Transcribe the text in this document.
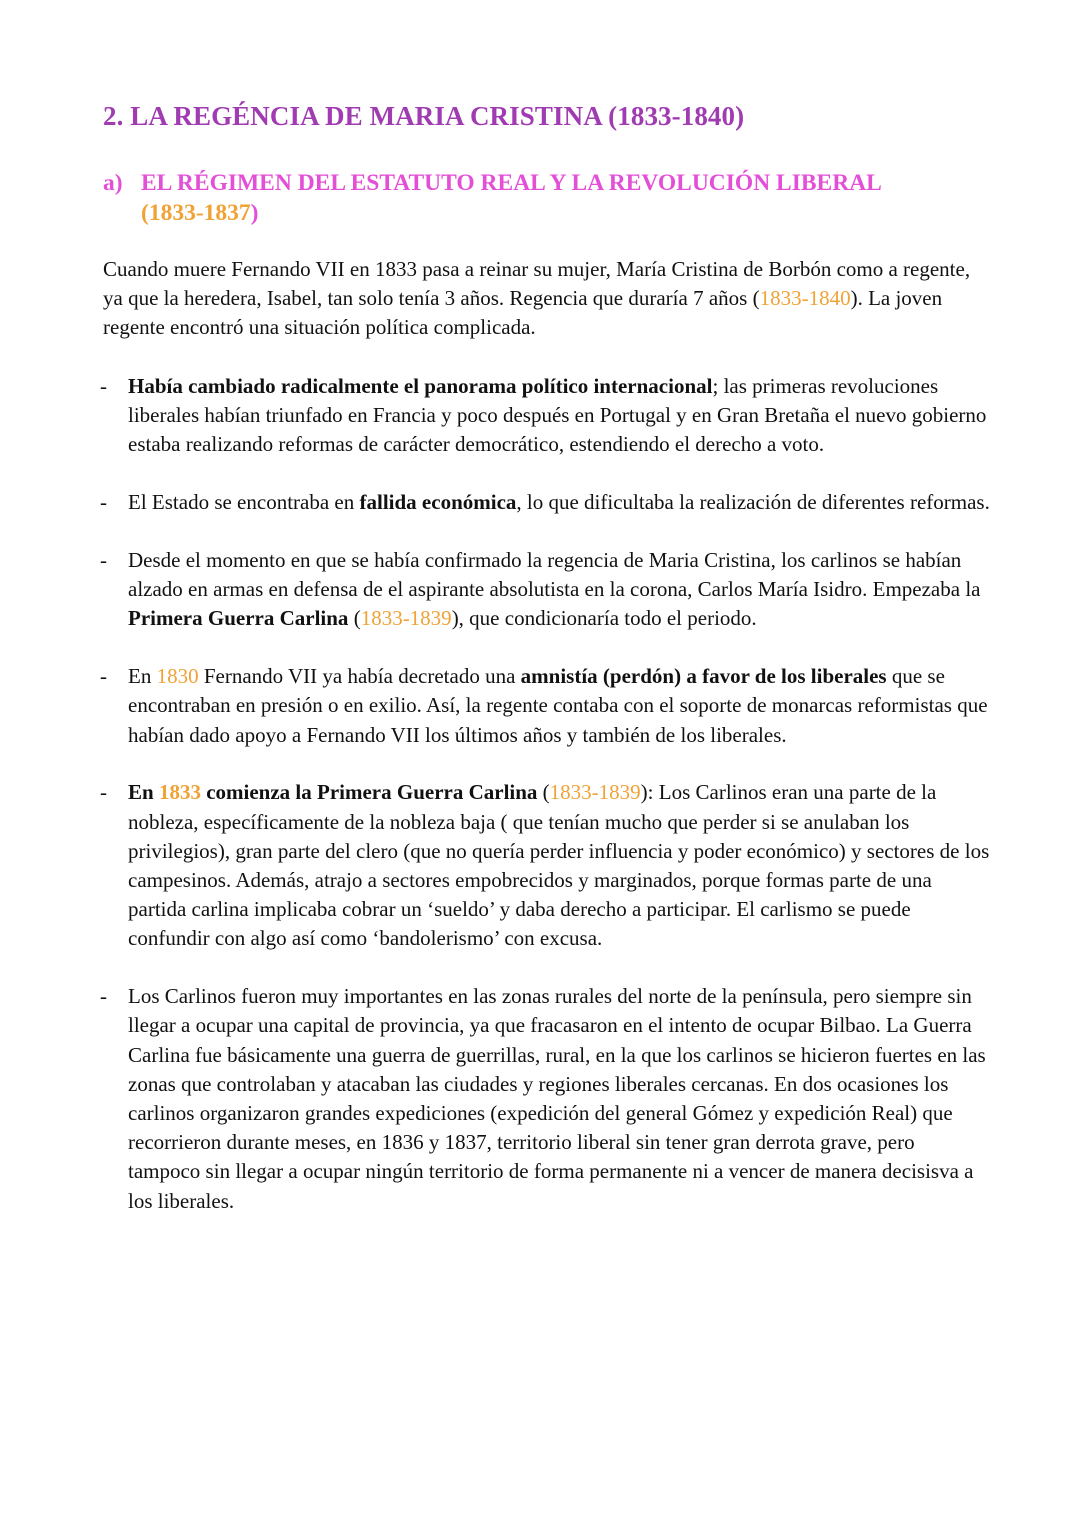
2. LA REGÉNCIA DE MARIA CRISTINA (1833-1840)
a) EL RÉGIMEN DEL ESTATUTO REAL Y LA REVOLUCIÓN LIBERAL
(1833-1837)

Cuando muere Fernando VII en 1833 pasa a reinar su mujer, María Cristina de Borbón como a regente, ya que la heredera, Isabel, tan solo tenía 3 años. Regencia que duraría 7 años (1833-1840). La joven regente encontró una situación política complicada.

-	Había cambiado radicalmente el panorama político internacional; las primeras revoluciones liberales habían triunfado en Francia y poco después en Portugal y en Gran Bretaña el nuevo gobierno estaba realizando reformas de carácter democrático, estendiendo el derecho a voto.
-	El Estado se encontraba en fallida económica, lo que dificultaba la realización de diferentes reformas.
-	Desde el momento en que se había confirmado la regencia de Maria Cristina, los carlinos se habían alzado en armas en defensa de el aspirante absolutista en la corona, Carlos María Isidro. Empezaba la Primera Guerra Carlina (1833-1839), que condicionaría todo el periodo.
-	En 1830 Fernando VII ya había decretado una amnistía (perdón) a favor de los liberales que se encontraban en presión o en exilio. Así, la regente contaba con el soporte de monarcas reformistas que habían dado apoyo a Fernando VII los últimos años y también de los liberales.
-	En 1833 comienza la Primera Guerra Carlina (1833-1839): Los Carlinos eran una parte de la nobleza, específicamente de la nobleza baja ( que tenían mucho que perder si se anulaban los privilegios), gran parte del clero (que no quería perder influencia y poder económico) y sectores de los campesinos. Además, atrajo a sectores empobrecidos y marginados, porque formas parte de una partida carlina implicaba cobrar un ‘sueldo’ y daba derecho a participar. El carlismo se puede confundir con algo así como ‘bandolerismo’ con excusa.
-	Los Carlinos fueron muy importantes en las zonas rurales del norte de la península, pero siempre sin llegar a ocupar una capital de provincia, ya que fracasaron en el intento de ocupar Bilbao. La Guerra Carlina fue básicamente una guerra de guerrillas, rural, en la que los carlinos se hicieron fuertes en las zonas que controlaban y atacaban las ciudades y regiones liberales cercanas. En dos ocasiones los carlinos organizaron grandes expediciones (expedición del general Gómez y expedición Real) que recorrieron durante meses, en 1836 y 1837, territorio liberal sin tener gran derrota grave, pero tampoco sin llegar a ocupar ningún territorio de forma permanente ni a vencer de manera decisisva a los liberales.
